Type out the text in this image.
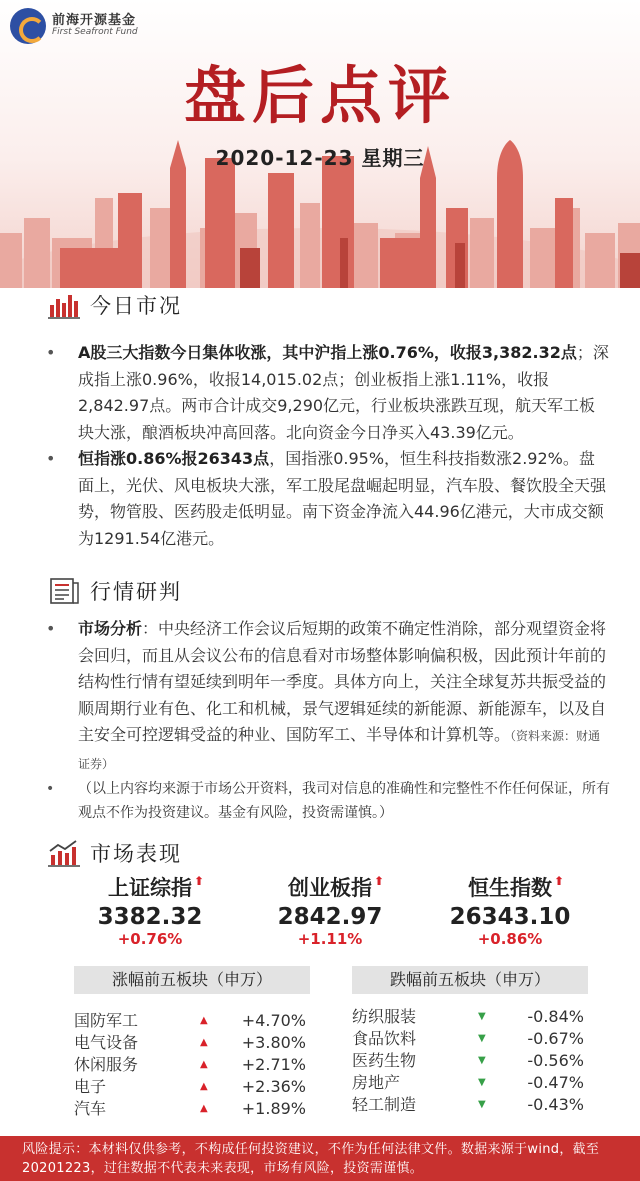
前海开源基金
First Seafront Fund
盘后点评
2020-12-23 星期三
今日市况
• A股三大指数今日集体收涨，其中沪指上涨0.76%，收报3,382.32点；深成指上涨0.96%，收报14,015.02点；创业板指上涨1.11%，收报2,842.97点。两市合计成交9,290亿元，行业板块涨跌互现，航天军工板块大涨，酿酒板块冲高回落。北向资金今日净买入43.39亿元。
• 恒指涨0.86%报26343点，国指涨0.95%，恒生科技指数涨2.92%。盘面上，光伏、风电板块大涨，军工股尾盘崛起明显，汽车股、餐饮股全天强势，物管股、医药股走低明显。南下资金净流入44.96亿港元，大市成交额为1291.54亿港元。
行情研判
• 市场分析：中央经济工作会议后短期的政策不确定性消除，部分观望资金将会回归，而且从会议公布的信息看对市场整体影响偏积极，因此预计年前的结构性行情有望延续到明年一季度。具体方向上，关注全球复苏共振受益的顺周期行业有色、化工和机械，景气逻辑延续的新能源、新能源车，以及自主安全可控逻辑受益的种业、国防军工、半导体和计算机等。（资料来源：财通证券）
• （以上内容均来源于市场公开资料，我司对信息的准确性和完整性不作任何保证，所有观点不作为投资建议。基金有风险，投资需谨慎。）
市场表现
上证综指 ⬆
3382.32
+0.76%
创业板指 ⬆
2842.97
+1.11%
恒生指数 ⬆
26343.10
+0.86%
涨幅前五板块（申万）
国防军工	▲ +4.70%
电气设备	▲ +3.80%
休闲服务	▲ +2.71%
电子	▲ +2.36%
汽车	▲ +1.89%
跌幅前五板块（申万）
纺织服装	▼	-0.84%
食品饮料	▼	-0.67%
医药生物	▼	-0.56%
房地产	▼	-0.47%
轻工制造	▼	-0.43%
风险提示：本材料仅供参考，不构成任何投资建议，不作为任何法律文件。数据来源于wind，截至20201223，过往数据不代表未来表现，市场有风险，投资需谨慎。
